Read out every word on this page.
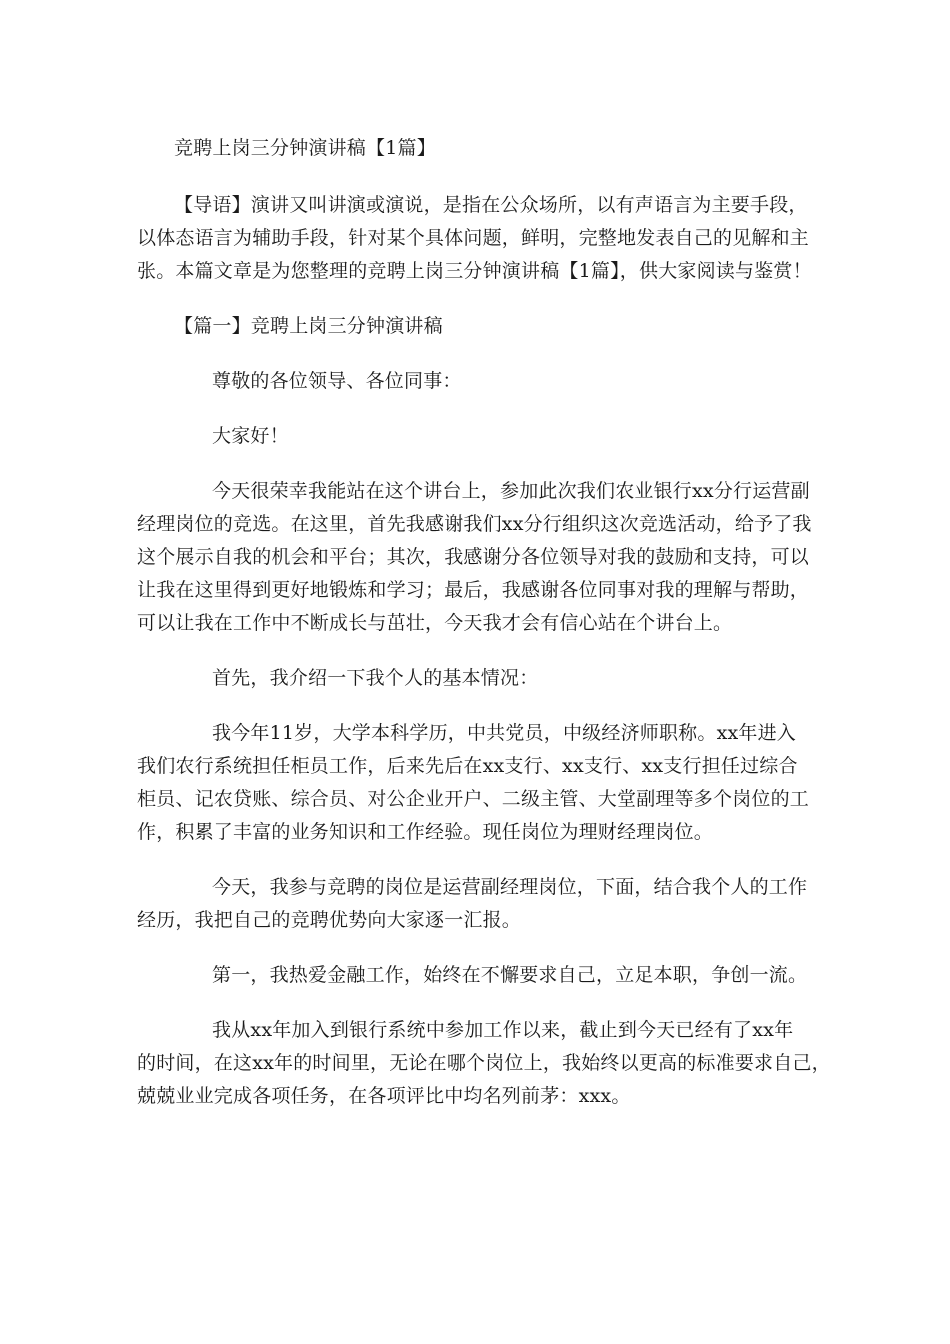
竞聘上岗三分钟演讲稿【1篇】
【导语】演讲又叫讲演或演说，是指在公众场所，以有声语言为主要手段，
以体态语言为辅助手段，针对某个具体问题，鲜明，完整地发表自己的见解和主
张。本篇文章是为您整理的竞聘上岗三分钟演讲稿【1篇】，供大家阅读与鉴赏！
【篇一】竞聘上岗三分钟演讲稿
尊敬的各位领导、各位同事：
大家好！
今天很荣幸我能站在这个讲台上，参加此次我们农业银行xx分行运营副
经理岗位的竞选。在这里，首先我感谢我们xx分行组织这次竞选活动，给予了我
这个展示自我的机会和平台；其次，我感谢分各位领导对我的鼓励和支持，可以
让我在这里得到更好地锻炼和学习；最后，我感谢各位同事对我的理解与帮助，
可以让我在工作中不断成长与茁壮，今天我才会有信心站在个讲台上。
首先，我介绍一下我个人的基本情况：
我今年11岁，大学本科学历，中共党员，中级经济师职称。xx年进入
我们农行系统担任柜员工作，后来先后在xx支行、xx支行、xx支行担任过综合
柜员、记农贷账、综合员、对公企业开户、二级主管、大堂副理等多个岗位的工
作，积累了丰富的业务知识和工作经验。现任岗位为理财经理岗位。
今天，我参与竞聘的岗位是运营副经理岗位，下面，结合我个人的工作
经历，我把自己的竞聘优势向大家逐一汇报。
第一，我热爱金融工作，始终在不懈要求自己，立足本职，争创一流。
我从xx年加入到银行系统中参加工作以来，截止到今天已经有了xx年
的时间，在这xx年的时间里，无论在哪个岗位上，我始终以更高的标准要求自己，
兢兢业业完成各项任务，在各项评比中均名列前茅：xxx。
